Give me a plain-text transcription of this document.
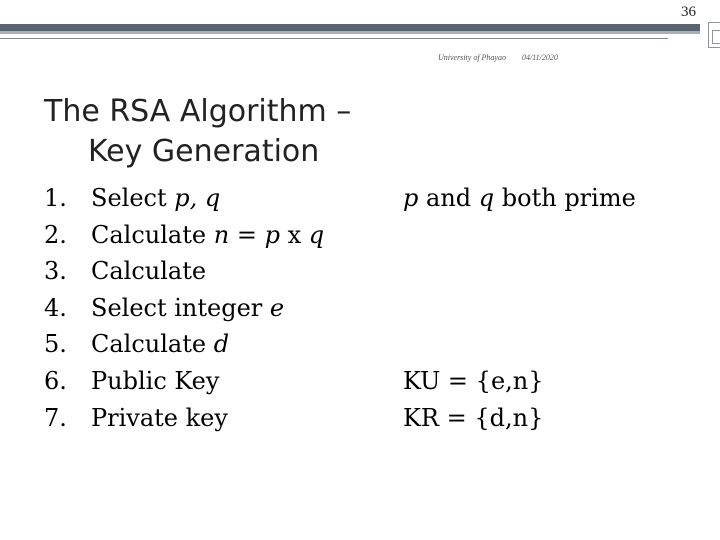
36
University of Phayao 04/11/2020
The RSA Algorithm –
Key Generation
1. Select p, q	p and q both prime
2. Calculate n = p x q
3. Calculate
4. Select integer e
5. Calculate d
6. Public Key	KU = {e,n}
7. Private key	KR = {d,n}
